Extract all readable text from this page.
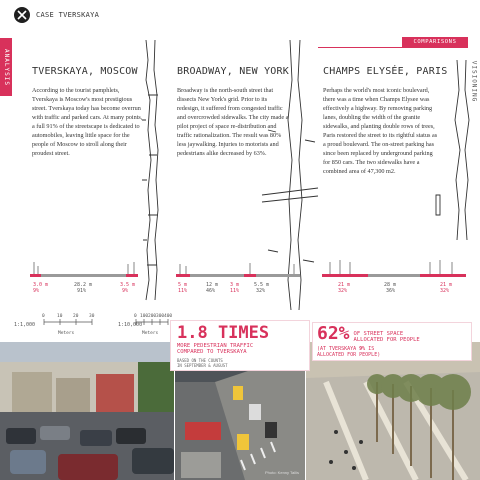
CASE TVERSKAYA
ANALYSIS	VISIONING
COMPARISONS
TVERSKAYA, MOSCOW	BROADWAY, NEW YORK	CHAMPS ELYSÉE, PARIS
According to the tourist pamphlets, Tverskaya is Moscow's most prestigious street. Tverskaya today has become overrun with traffic and parked cars. At many points, a full 91% of the streetscape is dedicated to automobiles, leaving little space for the people of Moscow to stroll along their proudest street.
Broadway is the north-south street that dissects New York's grid. Prior to its redesign, it suffered from congested traffic and overcrowded sidewalks. The city made a pilot project of space re-distribution and traffic rationalization. The result was 80% less jaywalking. Injuries to motorists and pedestrians alike decreased by 63%.
Perhaps the world's most iconic boulevard, there was a time when Champs Elysee was effectively a highway. By removing parking lanes, doubling the width of the granite sidewalks, and planting double rows of trees, Paris restored the street to its rightful status as a proud boulevard. The on-street parking has since been replaced by underground parking for 850 cars. The two sidewalks have a combined area of 47,300 m2.
3.0 m
9%
28.2 m
91%
3.5 m
9%
5 m
11%
12 m
46%
3 m
11%
5.5 m
32%
21 m
32%
28 m
36%
21 m
32%
1:1,000
0	10 20 30
Meters
1:10,000
0 100 200 300 400
Meters
Photo: Kenny Tallis
1.8 TIMES
MORE PEDESTRIAN TRAFFIC
COMPARED TO TVERSKAYA
BASED ON THE COUNTS
IN SEPTEMBER & AUGUST
62% OF STREET SPACE
ALLOCATED FOR PEOPLE
(AT TVERSKAYA 9% IS
ALLOCATED FOR PEOPLE)
